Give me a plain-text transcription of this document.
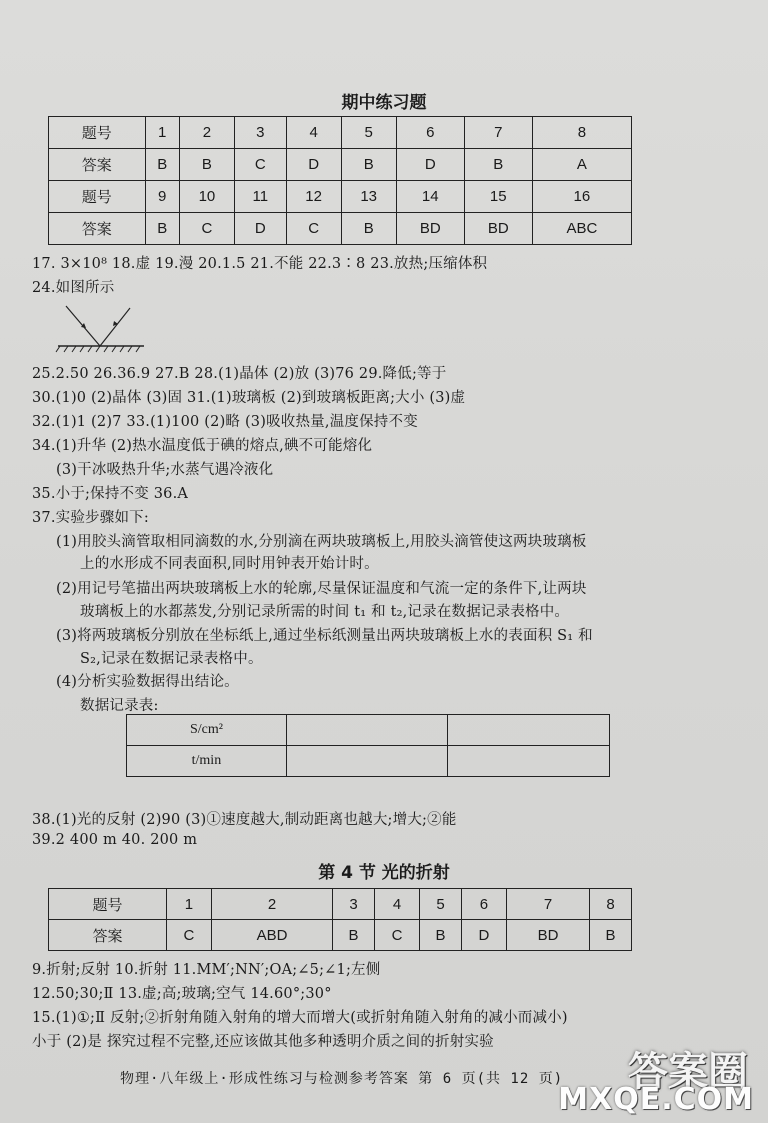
期中练习题
题号	1	2	3	4	5	6	7	8
答案	B	B	C	D	B	D	B	A
题号	9	10	11	12	13	14	15	16
答案	B	C	D	C	B	BD	BD	ABC
17. 3×10⁸ 18.虚 19.漫 20.1.5 21.不能 22.3∶8 23.放热;压缩体积
24.如图所示
25.2.50 26.36.9 27.B 28.(1)晶体 (2)放 (3)76 29.降低;等于
30.(1)0 (2)晶体 (3)固 31.(1)玻璃板 (2)到玻璃板距离;大小 (3)虚
32.(1)1 (2)7 33.(1)100 (2)略 (3)吸收热量,温度保持不变
34.(1)升华 (2)热水温度低于碘的熔点,碘不可能熔化
(3)干冰吸热升华;水蒸气遇冷液化
35.小于;保持不变 36.A
37.实验步骤如下:
(1)用胶头滴管取相同滴数的水,分别滴在两块玻璃板上,用胶头滴管使这两块玻璃板
上的水形成不同表面积,同时用钟表开始计时。
(2)用记号笔描出两块玻璃板上水的轮廓,尽量保证温度和气流一定的条件下,让两块
玻璃板上的水都蒸发,分别记录所需的时间 t₁ 和 t₂,记录在数据记录表格中。
(3)将两玻璃板分别放在坐标纸上,通过坐标纸测量出两块玻璃板上水的表面积 S₁ 和
S₂,记录在数据记录表格中。
(4)分析实验数据得出结论。
数据记录表:
S/cm²		
t/min		
38.(1)光的反射 (2)90 (3)①速度越大,制动距离也越大;增大;②能
39.2 400 m 40. 200 m
第 4 节 光的折射
题号	1	2	3	4	5	6	7	8
答案	C	ABD	B	C	B	D	BD	B
9.折射;反射 10.折射 11.MM′;NN′;OA;∠5;∠1;左侧
12.50;30;Ⅱ 13.虚;高;玻璃;空气 14.60°;30°
15.(1)①;Ⅱ 反射;②折射角随入射角的增大而增大(或折射角随入射角的减小而减小)
小于 (2)是 探究过程不完整,还应该做其他多种透明介质之间的折射实验
物理·八年级上·形成性练习与检测参考答案 第 6 页(共 12 页) 答案圈
MXQE.COM
